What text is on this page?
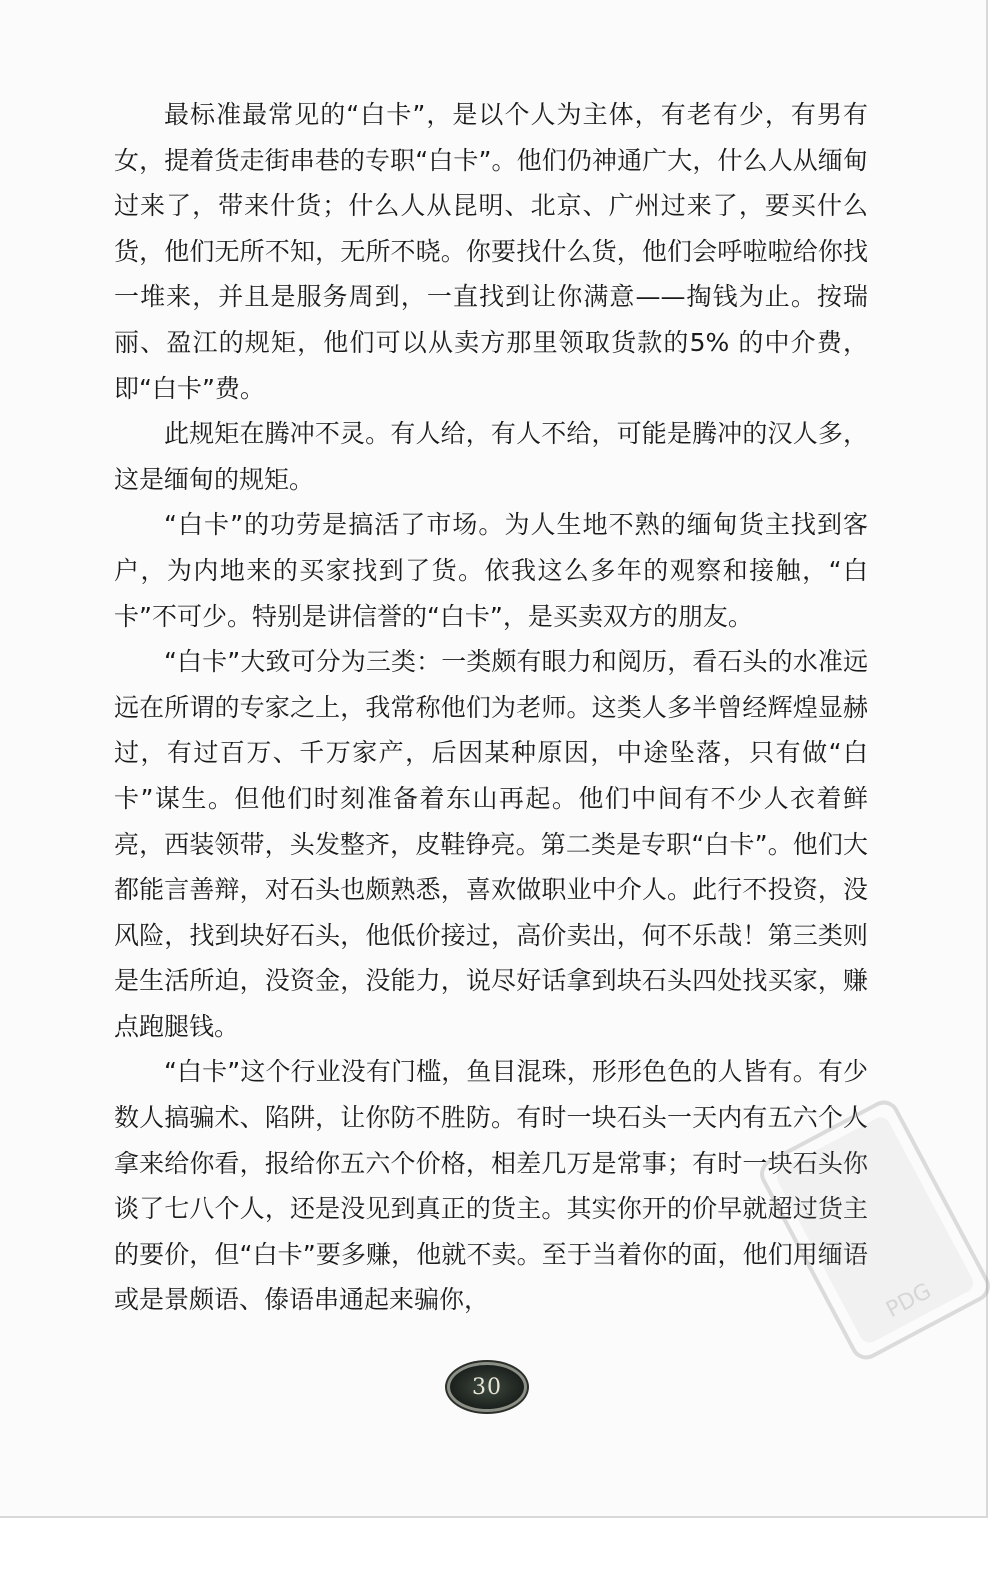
最标准最常见的“白卡”，是以个人为主体，有老有少，有男有女，提着货走街串巷的专职“白卡”。他们仍神通广大，什么人从缅甸过来了，带来什货；什么人从昆明、北京、广州过来了，要买什么货，他们无所不知，无所不晓。你要找什么货，他们会呼啦啦给你找一堆来，并且是服务周到，一直找到让你满意——掏钱为止。按瑞丽、盈江的规矩，他们可以从卖方那里领取货款的5% 的中介费，即“白卡”费。

此规矩在腾冲不灵。有人给，有人不给，可能是腾冲的汉人多，这是缅甸的规矩。

“白卡”的功劳是搞活了市场。为人生地不熟的缅甸货主找到客户，为内地来的买家找到了货。依我这么多年的观察和接触，“白卡”不可少。特别是讲信誉的“白卡”，是买卖双方的朋友。

“白卡”大致可分为三类：一类颇有眼力和阅历，看石头的水准远远在所谓的专家之上，我常称他们为老师。这类人多半曾经辉煌显赫过，有过百万、千万家产，后因某种原因，中途坠落，只有做“白卡”谋生。但他们时刻准备着东山再起。他们中间有不少人衣着鲜亮，西装领带，头发整齐，皮鞋铮亮。第二类是专职“白卡”。他们大都能言善辩，对石头也颇熟悉，喜欢做职业中介人。此行不投资，没风险，找到块好石头，他低价接过，高价卖出，何不乐哉！第三类则是生活所迫，没资金，没能力，说尽好话拿到块石头四处找买家，赚点跑腿钱。

“白卡”这个行业没有门槛，鱼目混珠，形形色色的人皆有。有少数人搞骗术、陷阱，让你防不胜防。有时一块石头一天内有五六个人拿来给你看，报给你五六个价格，相差几万是常事；有时一块石头你谈了七八个人，还是没见到真正的货主。其实你开的价早就超过货主的要价，但“白卡”要多赚，他就不卖。至于当着你的面，他们用缅语或是景颇语、傣语串通起来骗你，

30
PDG
